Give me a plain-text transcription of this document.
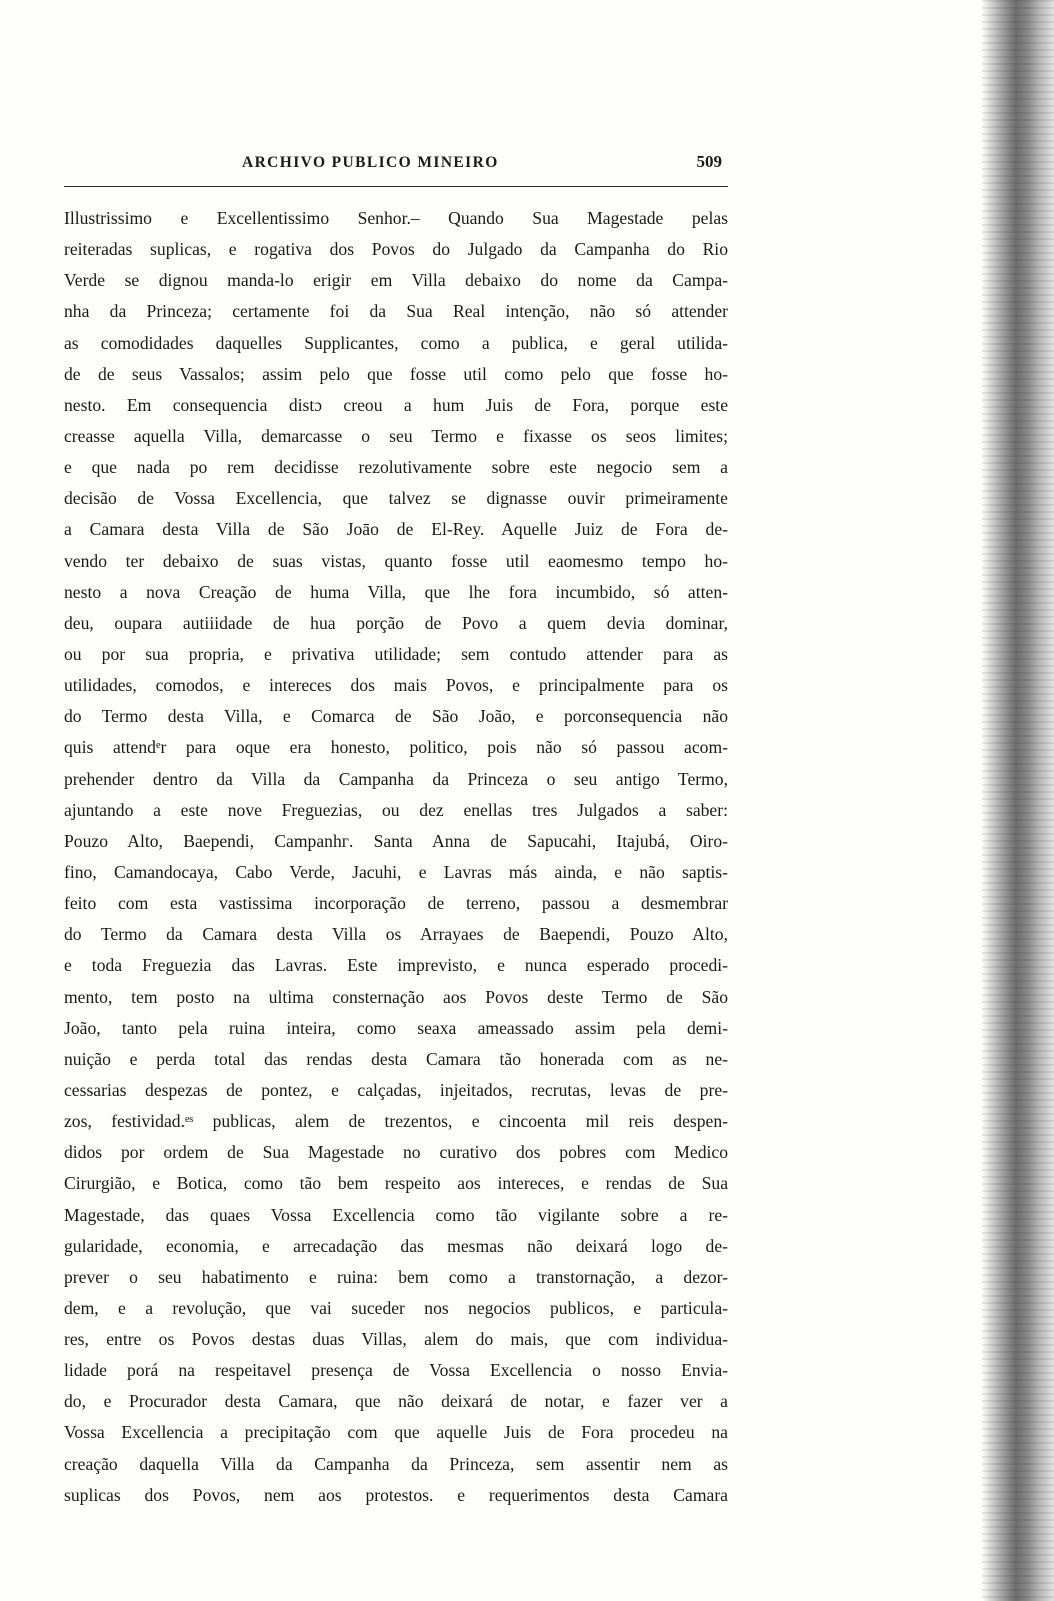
ARCHIVO PUBLICO MINEIRO	509
Illustrissimo e Excellentissimo Senhor.– Quando Sua Magestade pelas
reiteradas suplicas, e rogativa dos Povos do Julgado da Campanha do Rio
Verde se dignou manda-lo erigir em Villa debaixo do nome da Campa-
nha da Princeza; certamente foi da Sua Real intenção, não só attender
as comodidades daquelles Supplicantes, como a publica, e geral utilida-
de de seus Vassalos; assim pelo que fosse util como pelo que fosse ho-
nesto. Em consequencia distɔ creou a hum Juis de Fora, porque este
creasse aquella Villa, demarcasse o seu Termo e fixasse os seos limites;
e que nada po rem decidisse rezolutivamente sobre este negocio sem a
decisão de Vossa Excellencia, que talvez se dignasse ouvir primeiramente
a Camara desta Villa de São Joāo de El-Rey. Aquelle Juiz de Fora de-
vendo ter debaixo de suas vistas, quanto fosse util eaomesmo tempo ho-
nesto a nova Creação de huma Villa, que lhe fora incumbido, só atten-
deu, oupara autiiidade de hua porção de Povo a quem devia dominar,
ou por sua propria, e privativa utilidade; sem contudo attender para as
utilidades, comodos, e intereces dos mais Povos, e principalmente para os
do Termo desta Villa, e Comarca de São João, e porconsequencia não
quis attendᵉr para oque era honesto, politico, pois não só passou acom-
prehender dentro da Villa da Campanha da Princeza o seu antigo Termo,
ajuntando a este nove Freguezias, ou dez enellas tres Julgados a saber:
Pouzo Alto, Baependi, Campanhᴦ. Santa Anna de Sapucahi, Itajubá, Oiro-
fino, Camandocaya, Cabo Verde, Jacuhi, e Lavras más ainda, e não saptis-
feito com esta vastissima incorporação de terreno, passou a desmembrar
do Termo da Camara desta Villa os Arrayaes de Baependi, Pouzo Alto,
e toda Freguezia das Lavras. Este imprevisto, e nunca esperado procedi-
mento, tem posto na ultima consternação aos Povos deste Termo de São
João, tanto pela ruina inteira, como seaxa ameassado assim pela demi-
nuição e perda total das rendas desta Camara tão honerada com as ne-
cessarias despezas de pontez, e calçadas, injeitados, recrutas, levas de pre-
zos, festividad.ᵉˢ publicas, alem de trezentos, e cincoenta mil reis despen-
didos por ordem de Sua Magestade no curativo dos pobres com Medico
Cirurgião, e Botica, como tão bem respeito aos intereces, e rendas de Sua
Magestade, das quaes Vossa Excellencia como tão vigilante sobre a re-
gularidade, economia, e arrecadação das mesmas não deixará logo de-
prever o seu habatimento e ruina: bem como a transtornação, a dezor-
dem, e a revolução, que vai suceder nos negocios publicos, e particula-
res, entre os Povos destas duas Villas, alem do mais, que com individua-
lidade porá na respeitavel presença de Vossa Excellencia o nosso Envia-
do, e Procurador desta Camara, que não deixará de notar, e fazer ver a
Vossa Excellencia a precipitação com que aquelle Juis de Fora procedeu na
creação daquella Villa da Campanha da Princeza, sem assentir nem as
suplicas dos Povos, nem aos protestos. e requerimentos desta Camara
